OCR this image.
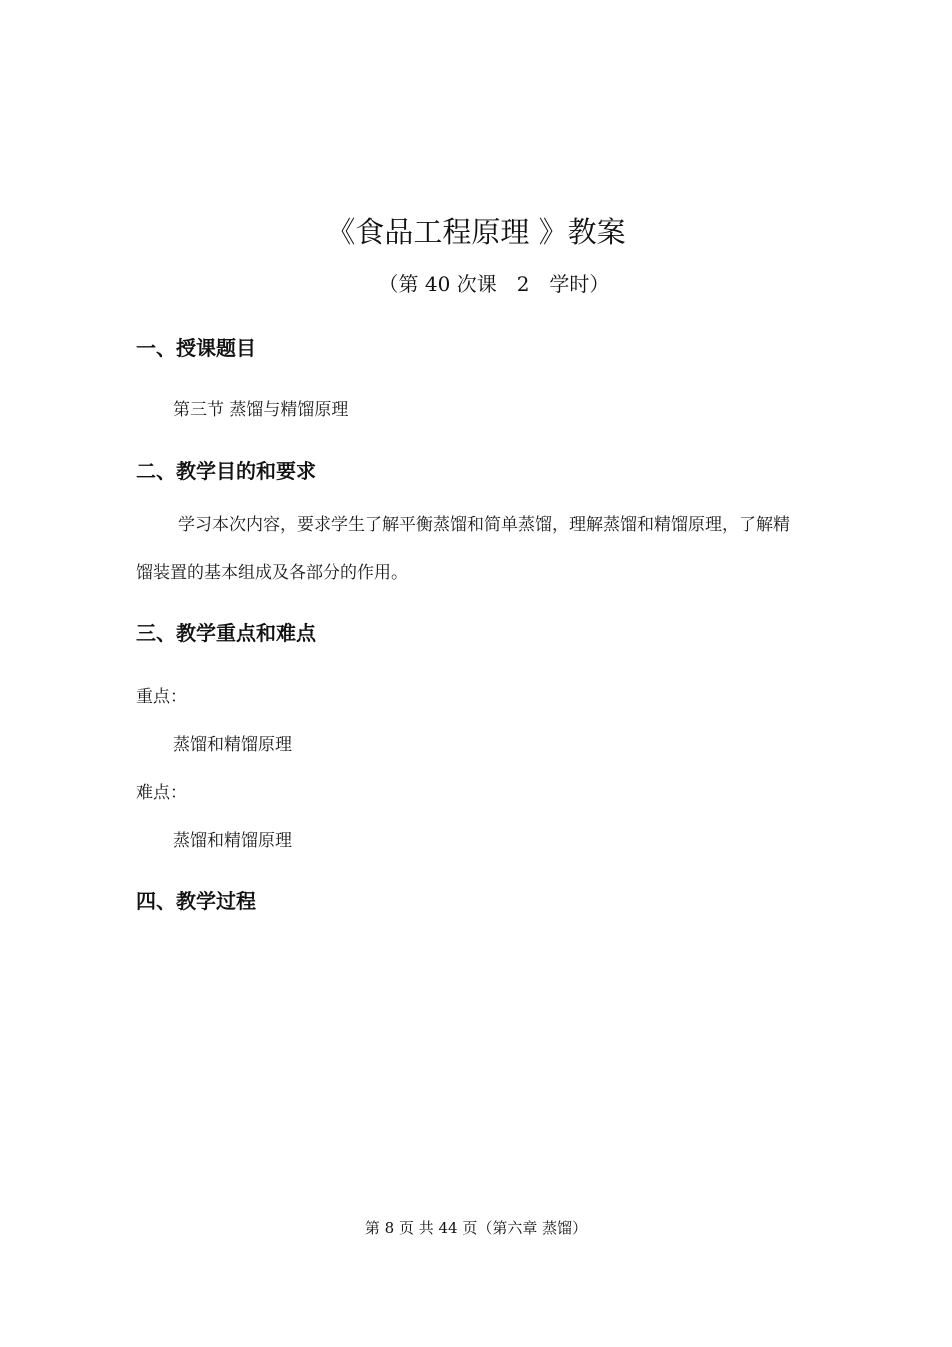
《食品工程原理 》教案
（第 40 次课　2　学时）
一、授课题目
第三节 蒸馏与精馏原理
二、教学目的和要求
学习本次内容，要求学生了解平衡蒸馏和简单蒸馏，理解蒸馏和精馏原理，了解精
馏装置的基本组成及各部分的作用。
三、教学重点和难点
重点：
蒸馏和精馏原理
难点：
蒸馏和精馏原理
四、教学过程
第 8 页 共 44 页（第六章 蒸馏）
